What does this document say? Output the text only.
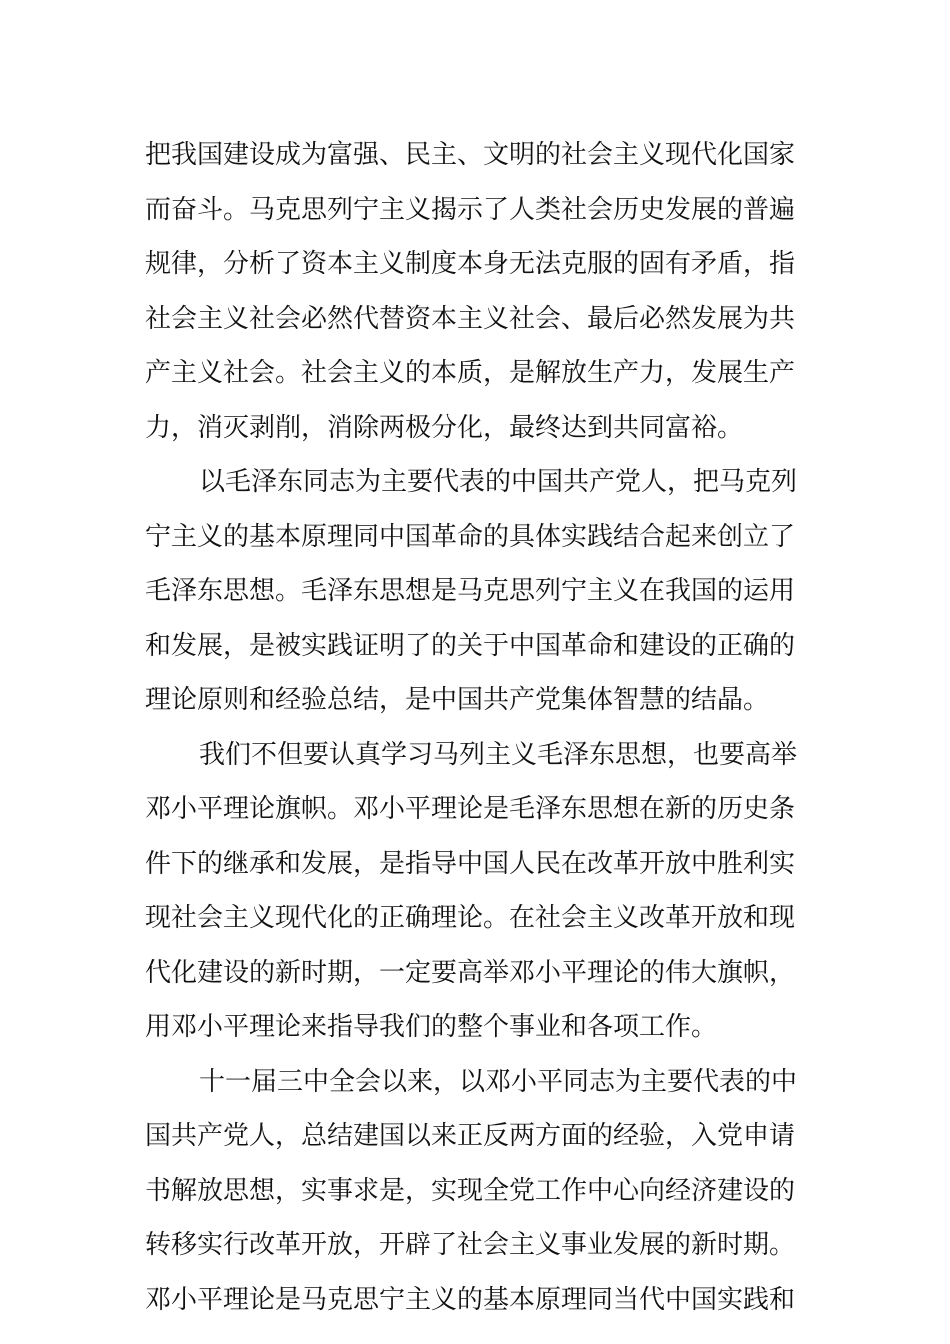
把我国建设成为富强、民主、文明的社会主义现代化国家
而奋斗。马克思列宁主义揭示了人类社会历史发展的普遍
规律，分析了资本主义制度本身无法克服的固有矛盾，指
社会主义社会必然代替资本主义社会、最后必然发展为共
产主义社会。社会主义的本质，是解放生产力，发展生产
力，消灭剥削，消除两极分化，最终达到共同富裕。
以毛泽东同志为主要代表的中国共产党人，把马克列
宁主义的基本原理同中国革命的具体实践结合起来创立了
毛泽东思想。毛泽东思想是马克思列宁主义在我国的运用
和发展，是被实践证明了的关于中国革命和建设的正确的
理论原则和经验总结，是中国共产党集体智慧的结晶。
我们不但要认真学习马列主义毛泽东思想，也要高举
邓小平理论旗帜。邓小平理论是毛泽东思想在新的历史条
件下的继承和发展，是指导中国人民在改革开放中胜利实
现社会主义现代化的正确理论。在社会主义改革开放和现
代化建设的新时期，一定要高举邓小平理论的伟大旗帜，
用邓小平理论来指导我们的整个事业和各项工作。
十一届三中全会以来，以邓小平同志为主要代表的中
国共产党人，总结建国以来正反两方面的经验，入党申请
书解放思想，实事求是，实现全党工作中心向经济建设的
转移实行改革开放，开辟了社会主义事业发展的新时期。
邓小平理论是马克思宁主义的基本原理同当代中国实践和
